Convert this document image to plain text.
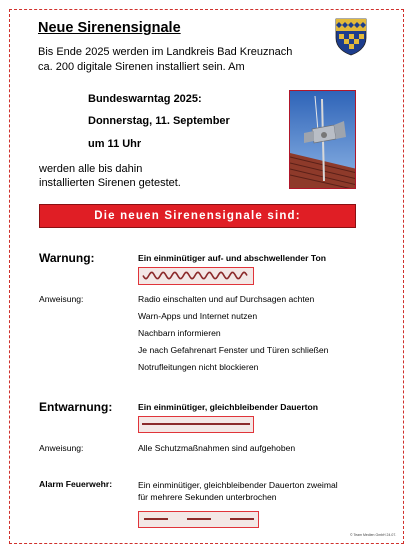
Neue Sirenensignale
Bis Ende 2025 werden im Landkreis Bad Kreuznach
ca. 200 digitale Sirenen installiert sein. Am
Bundeswarntag 2025:
Donnerstag, 11. September
um 11 Uhr
werden alle bis dahin
installierten Sirenen getestet.
Die neuen Sirenensignale sind:
Warnung:	Ein einminütiger auf- und abschwellender Ton
Anweisung:	Radio einschalten und auf Durchsagen achten
Warn-Apps und Internet nutzen
Nachbarn informieren
Je nach Gefahrenart Fenster und Türen schließen
Notrufleitungen nicht blockieren
Entwarnung:	Ein einminütiger, gleichbleibender Dauerton
Anweisung:	Alle Schutzmaßnahmen sind aufgehoben
Alarm Feuerwehr:	Ein einminütiger, gleichbleibender Dauerton zweimal
für mehrere Sekunden unterbrochen
© Team Medien GmbH 24.07.
